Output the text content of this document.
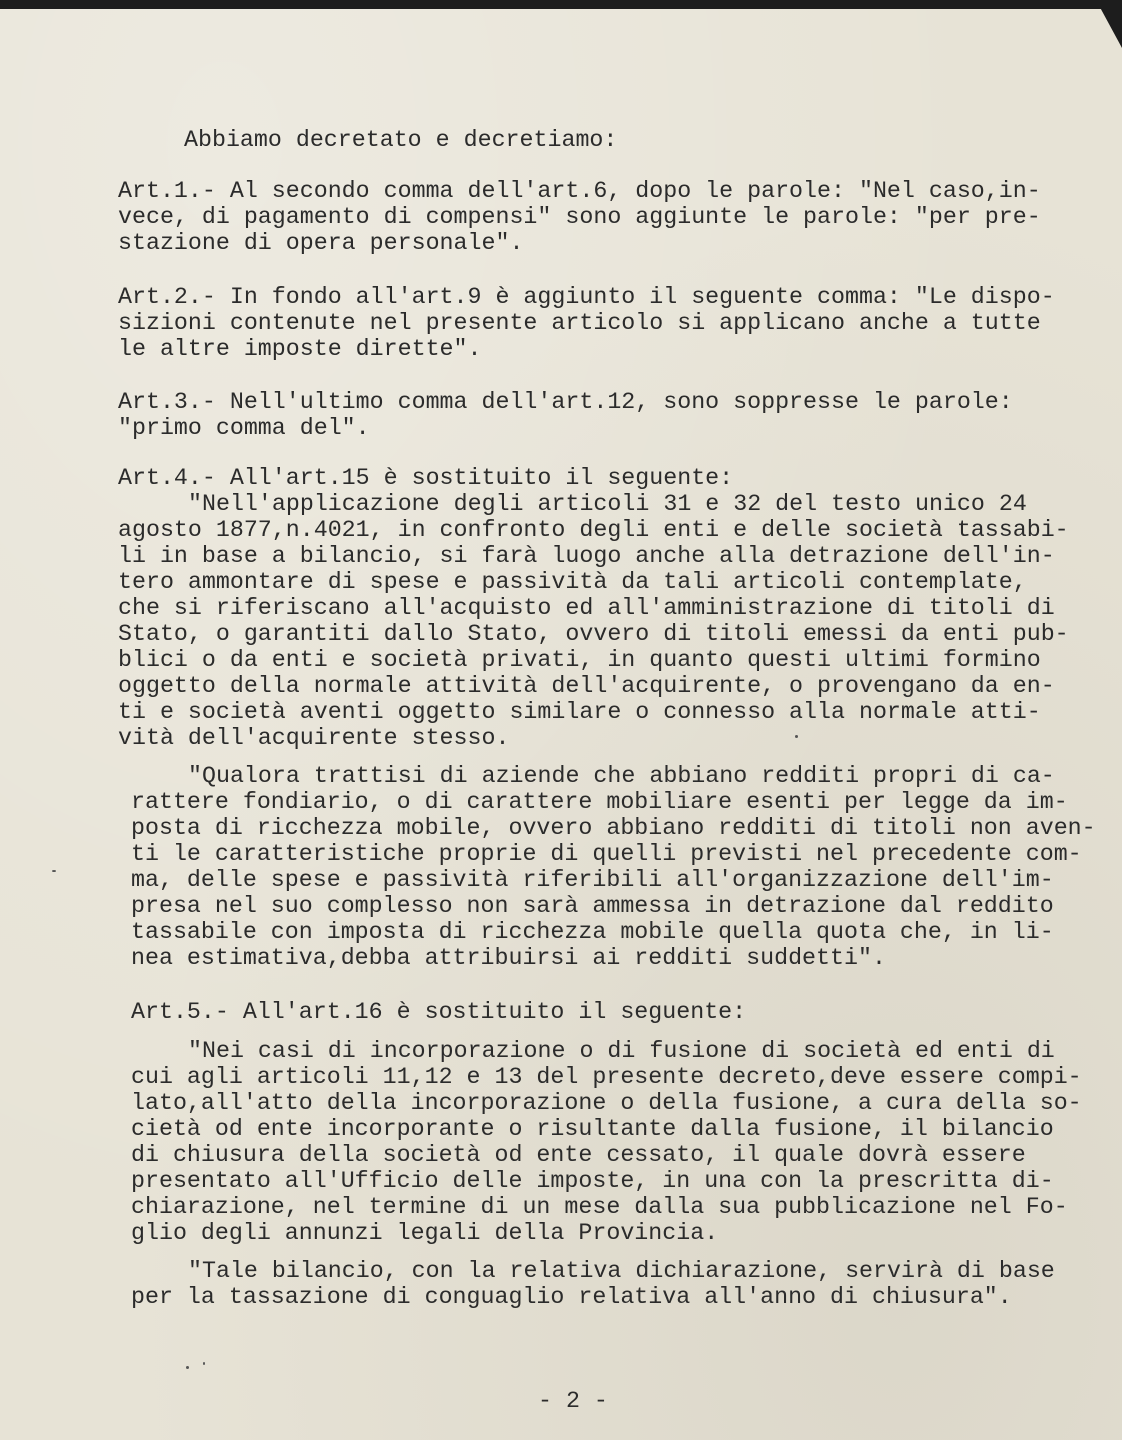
Abbiamo decretato e decretiamo:

Art.1.- Al secondo comma dell'art.6, dopo le parole: "Nel caso,in-

vece, di pagamento di compensi" sono aggiunte le parole: "per pre-

stazione di opera personale".

Art.2.- In fondo all'art.9 è aggiunto il seguente comma: "Le dispo-

sizioni contenute nel presente articolo si applicano anche a tutte

le altre imposte dirette".

Art.3.- Nell'ultimo comma dell'art.12, sono soppresse le parole:

"primo comma del".

Art.4.- All'art.15 è sostituito il seguente:

"Nell'applicazione degli articoli 31 e 32 del testo unico 24

agosto 1877,n.4021, in confronto degli enti e delle società tassabi-

li in base a bilancio, si farà luogo anche alla detrazione dell'in-

tero ammontare di spese e passività da tali articoli contemplate,

che si riferiscano all'acquisto ed all'amministrazione di titoli di

Stato, o garantiti dallo Stato, ovvero di titoli emessi da enti pub-

blici o da enti e società privati, in quanto questi ultimi formino

oggetto della normale attività dell'acquirente, o provengano da en-

ti e società aventi oggetto similare o connesso alla normale atti-

vità dell'acquirente stesso.

"Qualora trattisi di aziende che abbiano redditi propri di ca-

rattere fondiario, o di carattere mobiliare esenti per legge da im-

posta di ricchezza mobile, ovvero abbiano redditi di titoli non aven-

ti le caratteristiche proprie di quelli previsti nel precedente com-

ma, delle spese e passività riferibili all'organizzazione dell'im-

presa nel suo complesso non sarà ammessa in detrazione dal reddito

tassabile con imposta di ricchezza mobile quella quota che, in li-

nea estimativa,debba attribuirsi ai redditi suddetti".

Art.5.- All'art.16 è sostituito il seguente:

"Nei casi di incorporazione o di fusione di società ed enti di

cui agli articoli 11,12 e 13 del presente decreto,deve essere compi-

lato,all'atto della incorporazione o della fusione, a cura della so-

cietà od ente incorporante o risultante dalla fusione, il bilancio

di chiusura della società od ente cessato, il quale dovrà essere

presentato all'Ufficio delle imposte, in una con la prescritta di-

chiarazione, nel termine di un mese dalla sua pubblicazione nel Fo-

glio degli annunzi legali della Provincia.

"Tale bilancio, con la relativa dichiarazione, servirà di base

per la tassazione di conguaglio relativa all'anno di chiusura".

- 2 -
